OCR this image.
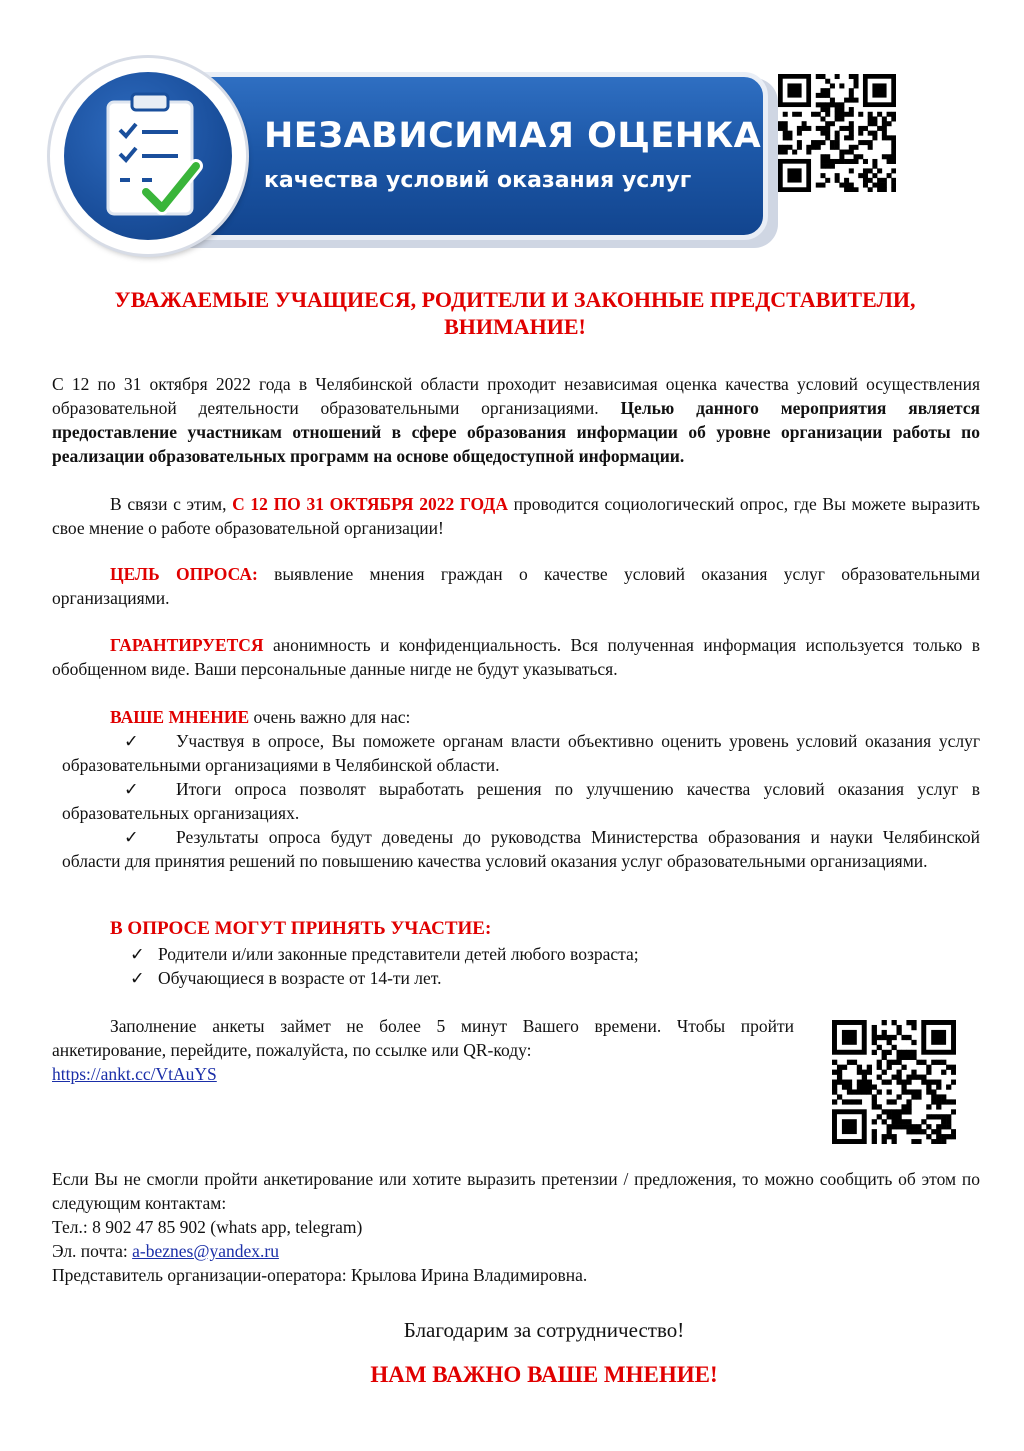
НЕЗАВИСИМАЯ ОЦЕНКА
качества условий оказания услуг
УВАЖАЕМЫЕ УЧАЩИЕСЯ, РОДИТЕЛИ И ЗАКОННЫЕ ПРЕДСТАВИТЕЛИ,
ВНИМАНИЕ!
С 12 по 31 октября 2022 года в Челябинской области проходит независимая оценка качества условий осуществления образовательной деятельности образовательными организациями. Целью данного мероприятия является предоставление участникам отношений в сфере образования информации об уровне организации работы по реализации образовательных программ на основе общедоступной информации.
В связи с этим, С 12 ПО 31 ОКТЯБРЯ 2022 ГОДА проводится социологический опрос, где Вы можете выразить свое мнение о работе образовательной организации!
ЦЕЛЬ ОПРОСА: выявление мнения граждан о качестве условий оказания услуг образовательными организациями.
ГАРАНТИРУЕТСЯ анонимность и конфиденциальность. Вся полученная информация используется только в обобщенном виде. Ваши персональные данные нигде не будут указываться.
ВАШЕ МНЕНИЕ очень важно для нас:
✓ Участвуя в опросе, Вы поможете органам власти объективно оценить уровень условий оказания услуг образовательными организациями в Челябинской области.
✓ Итоги опроса позволят выработать решения по улучшению качества условий оказания услуг в образовательных организациях.
✓ Результаты опроса будут доведены до руководства Министерства образования и науки Челябинской области для принятия решений по повышению качества условий оказания услуг образовательными организациями.
В ОПРОСЕ МОГУТ ПРИНЯТЬ УЧАСТИЕ:
✓ Родители и/или законные представители детей любого возраста;
✓ Обучающиеся в возрасте от 14-ти лет.
Заполнение анкеты займет не более 5 минут Вашего времени. Чтобы пройти анкетирование, перейдите, пожалуйста, по ссылке или QR-коду:
https://ankt.cc/VtAuYS
Если Вы не смогли пройти анкетирование или хотите выразить претензии / предложения, то можно сообщить об этом по следующим контактам:
Тел.: 8 902 47 85 902 (whats app, telegram)
Эл. почта: a-beznes@yandex.ru
Представитель организации-оператора: Крылова Ирина Владимировна.
Благодарим за сотрудничество!
НАМ ВАЖНО ВАШЕ МНЕНИЕ!
